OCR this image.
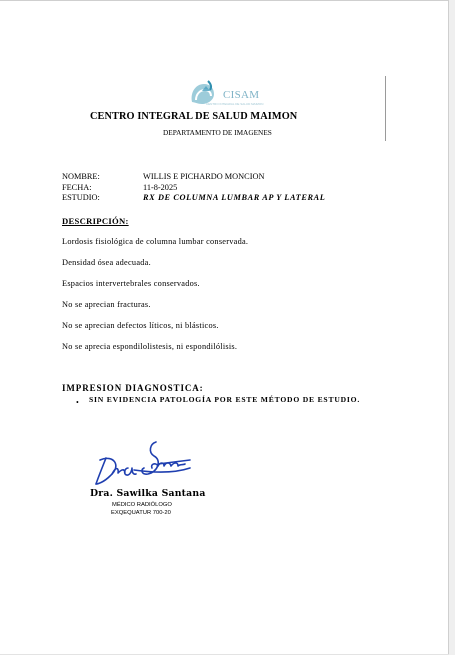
CISAM
CENTRO INTEGRAL DE SALUD MAIMON
CENTRO INTEGRAL DE SALUD MAIMON
DEPARTAMENTO DE IMAGENES
NOMBRE:	WILLIS E PICHARDO MONCION
FECHA:	11-8-2025
ESTUDIO:	RX DE COLUMNA LUMBAR AP Y LATERAL
DESCRIPCIÓN:
Lordosis fisiológica de columna lumbar conservada.
Densidad ósea adecuada.
Espacios intervertebrales conservados.
No se aprecian fracturas.
No se aprecian defectos líticos, ni blásticos.
No se aprecia espondilolistesis, ni espondilólisis.
IMPRESION DIAGNOSTICA:
• SIN EVIDENCIA PATOLOGÍA POR ESTE MÉTODO DE ESTUDIO.
Dra. Sawilka Santana
MÉDICO RADIÓLOGO
EXQEQUATUR 700-20
